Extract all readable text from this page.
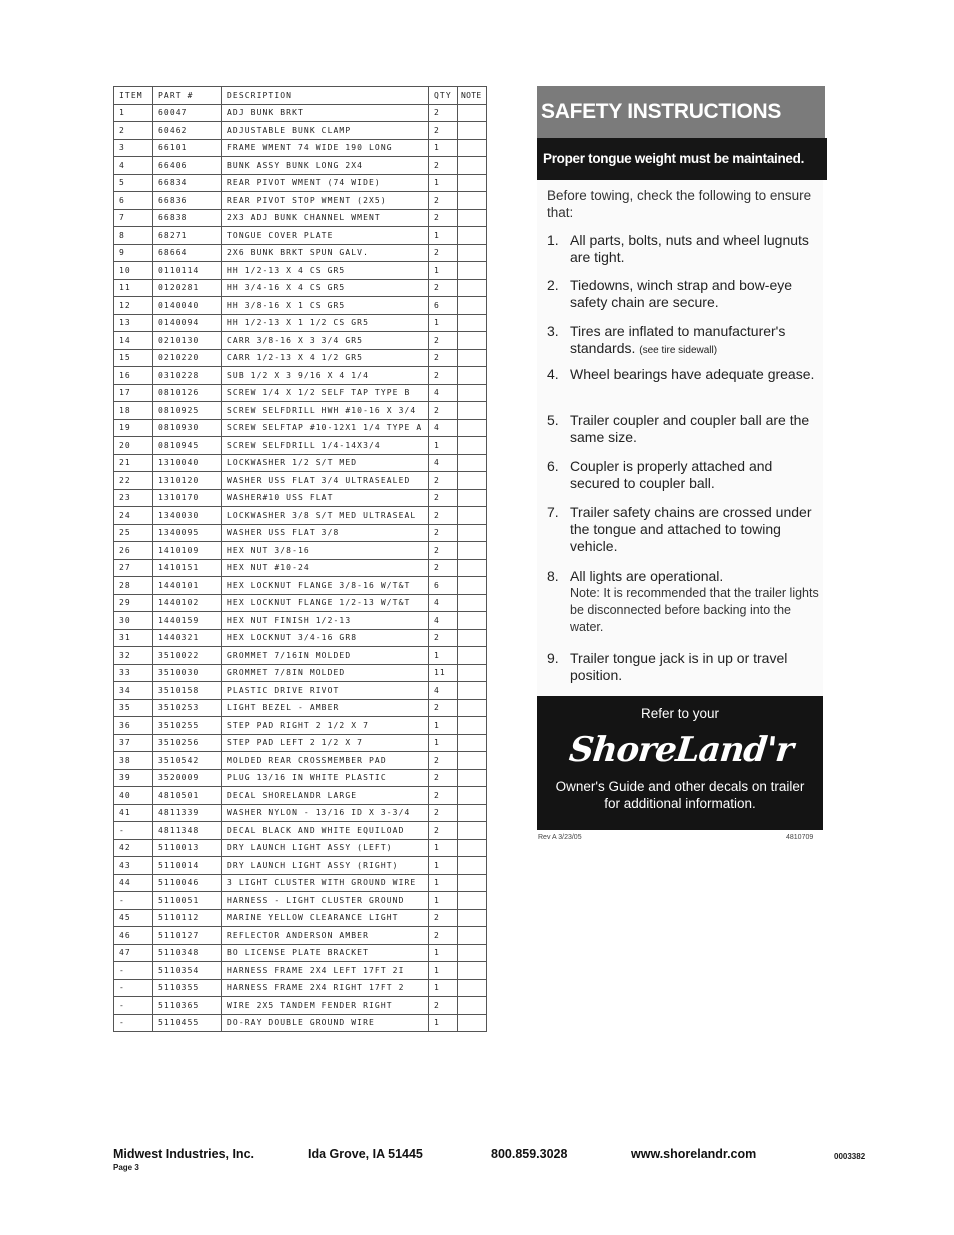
ITEM	PART #	DESCRIPTION	QTY	NOTE
1	60047	ADJ BUNK BRKT	2	
2	60462	ADJUSTABLE BUNK CLAMP	2	
3	66101	FRAME WMENT 74 WIDE 190 LONG	1	
4	66406	BUNK ASSY BUNK LONG 2X4	2	
5	66834	REAR PIVOT WMENT (74 WIDE)	1	
6	66836	REAR PIVOT STOP WMENT (2X5)	2	
7	66838	2X3 ADJ BUNK CHANNEL WMENT	2	
8	68271	TONGUE COVER PLATE	1	
9	68664	2X6 BUNK BRKT SPUN GALV.	2	
10	0110114	HH 1/2-13 X 4 CS GR5	1	
11	0120281	HH 3/4-16 X 4 CS GR5	2	
12	0140040	HH 3/8-16 X 1 CS GR5	6	
13	0140094	HH 1/2-13 X 1 1/2 CS GR5	1	
14	0210130	CARR 3/8-16 X 3 3/4 GR5	2	
15	0210220	CARR 1/2-13 X 4 1/2 GR5	2	
16	0310228	SUB 1/2 X 3 9/16 X 4 1/4	2	
17	0810126	SCREW 1/4 X 1/2 SELF TAP TYPE B	4	
18	0810925	SCREW SELFDRILL HWH #10-16 X 3/4	2	
19	0810930	SCREW SELFTAP #10-12X1 1/4 TYPE A	4	
20	0810945	SCREW SELFDRILL 1/4-14X3/4	1	
21	1310040	LOCKWASHER 1/2 S/T MED	4	
22	1310120	WASHER USS FLAT 3/4 ULTRASEALED	2	
23	1310170	WASHER#10 USS FLAT	2	
24	1340030	LOCKWASHER 3/8 S/T MED ULTRASEAL	2	
25	1340095	WASHER USS FLAT 3/8	2	
26	1410109	HEX NUT 3/8-16	2	
27	1410151	HEX NUT #10-24	2	
28	1440101	HEX LOCKNUT FLANGE 3/8-16 W/T&T	6	
29	1440102	HEX LOCKNUT FLANGE 1/2-13 W/T&T	4	
30	1440159	HEX NUT FINISH 1/2-13	4	
31	1440321	HEX LOCKNUT 3/4-16 GR8	2	
32	3510022	GROMMET 7/16IN MOLDED	1	
33	3510030	GROMMET 7/8IN MOLDED	11	
34	3510158	PLASTIC DRIVE RIVOT	4	
35	3510253	LIGHT BEZEL - AMBER	2	
36	3510255	STEP PAD RIGHT 2 1/2 X 7	1	
37	3510256	STEP PAD LEFT 2 1/2 X 7	1	
38	3510542	MOLDED REAR CROSSMEMBER PAD	2	
39	3520009	PLUG 13/16 IN WHITE PLASTIC	2	
40	4810501	DECAL SHORELANDR LARGE	2	
41	4811339	WASHER NYLON - 13/16 ID X 3-3/4	2	
-	4811348	DECAL BLACK AND WHITE EQUILOAD	2	
42	5110013	DRY LAUNCH LIGHT ASSY (LEFT)	1	
43	5110014	DRY LAUNCH LIGHT ASSY (RIGHT)	1	
44	5110046	3 LIGHT CLUSTER WITH GROUND WIRE	1	
-	5110051	HARNESS - LIGHT CLUSTER GROUND	1	
45	5110112	MARINE YELLOW CLEARANCE LIGHT	2	
46	5110127	REFLECTOR ANDERSON AMBER	2	
47	5110348	BO LICENSE PLATE BRACKET	1	
-	5110354	HARNESS FRAME 2X4 LEFT 17FT 2I	1	
-	5110355	HARNESS FRAME 2X4 RIGHT 17FT 2	1	
-	5110365	WIRE 2X5 TANDEM FENDER RIGHT	2	
-	5110455	DO-RAY DOUBLE GROUND WIRE	1	
SAFETY INSTRUCTIONS
Proper tongue weight must be maintained.
Before towing, check the following to ensure that:
1. All parts, bolts, nuts and wheel lugnuts are tight.
2. Tiedowns, winch strap and bow-eye safety chain are secure.
3. Tires are inflated to manufacturer's standards. (see tire sidewall)
4. Wheel bearings have adequate grease.
5. Trailer coupler and coupler ball are the same size.
6. Coupler is properly attached and secured to coupler ball.
7. Trailer safety chains are crossed under the tongue and attached to towing vehicle.
8. All lights are operational.
Note: It is recommended that the trailer lights be disconnected before backing into the water.
9. Trailer tongue jack is in up or travel position.
Refer to your
ShoreLand'r
Owner's Guide and other decals on trailer for additional information.
Rev A 3/23/05	4810709
Midwest Industries, Inc.	Ida Grove, IA 51445	800.859.3028	www.shorelandr.com	0003382
Page 3
